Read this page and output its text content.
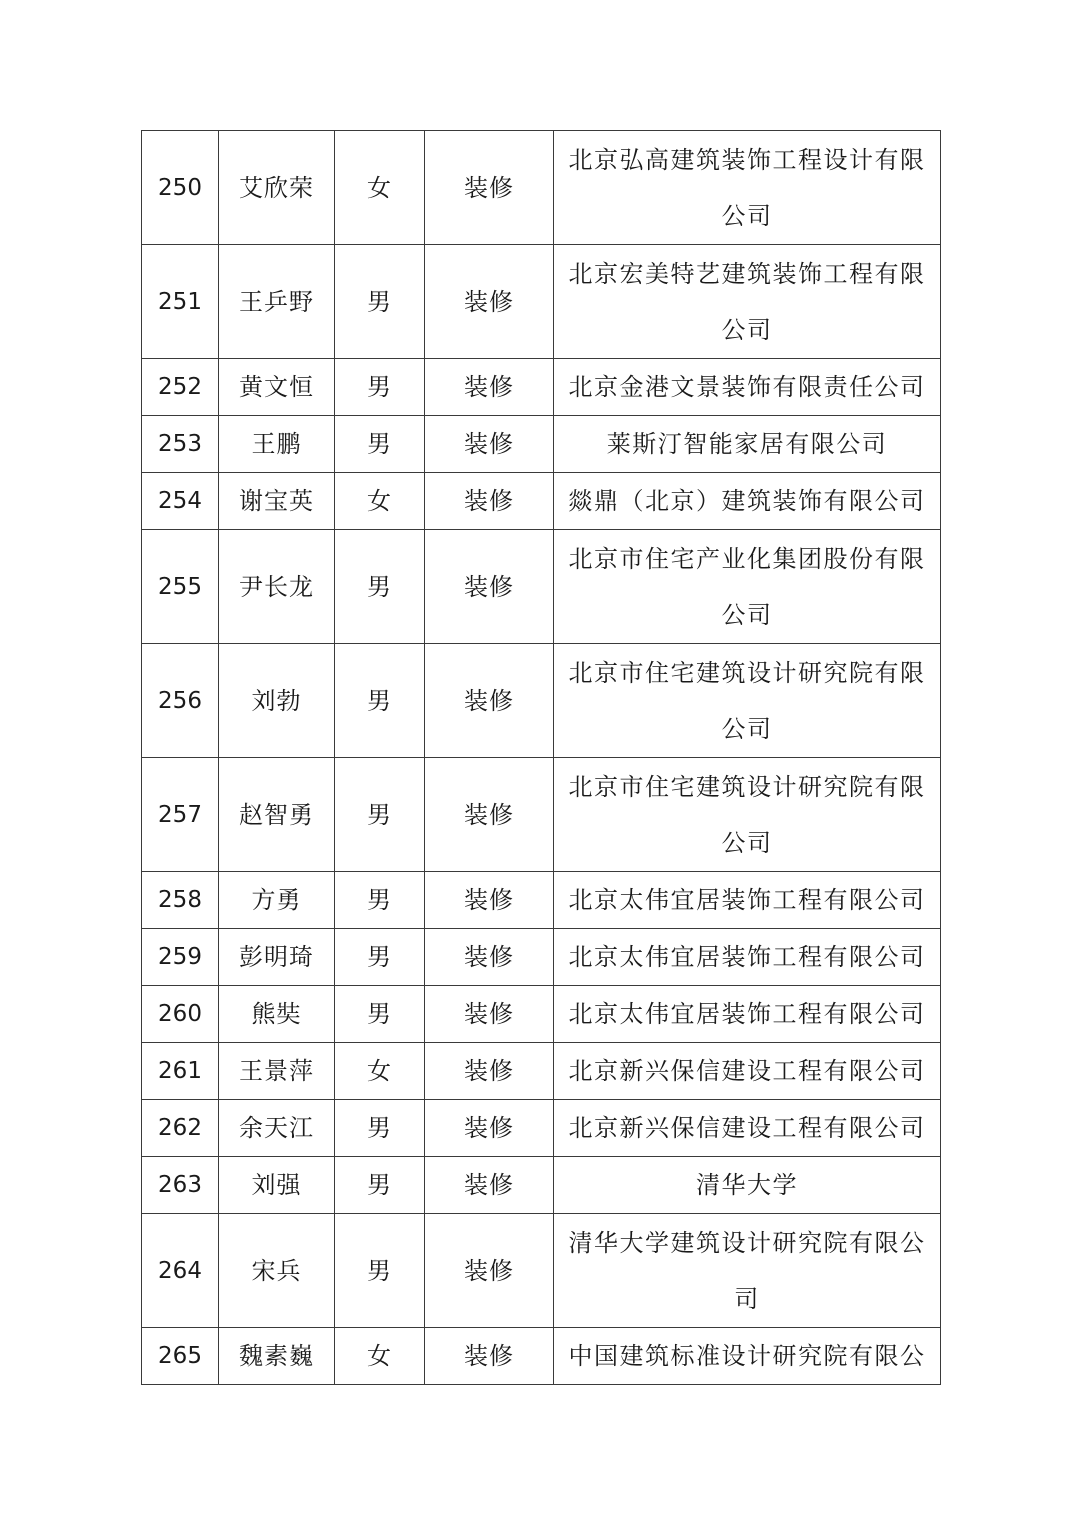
250	艾欣荣	女	装修	北京弘高建筑装饰工程设计有限公司
251	王乒野	男	装修	北京宏美特艺建筑装饰工程有限公司
252	黄文恒	男	装修	北京金港文景装饰有限责任公司
253	王鹏	男	装修	莱斯汀智能家居有限公司
254	谢宝英	女	装修	燚鼎（北京）建筑装饰有限公司
255	尹长龙	男	装修	北京市住宅产业化集团股份有限公司
256	刘勃	男	装修	北京市住宅建筑设计研究院有限公司
257	赵智勇	男	装修	北京市住宅建筑设计研究院有限公司
258	方勇	男	装修	北京太伟宜居装饰工程有限公司
259	彭明琦	男	装修	北京太伟宜居装饰工程有限公司
260	熊奘	男	装修	北京太伟宜居装饰工程有限公司
261	王景萍	女	装修	北京新兴保信建设工程有限公司
262	余天江	男	装修	北京新兴保信建设工程有限公司
263	刘强	男	装修	清华大学
264	宋兵	男	装修	清华大学建筑设计研究院有限公司
265	魏素巍	女	装修	中国建筑标准设计研究院有限公
